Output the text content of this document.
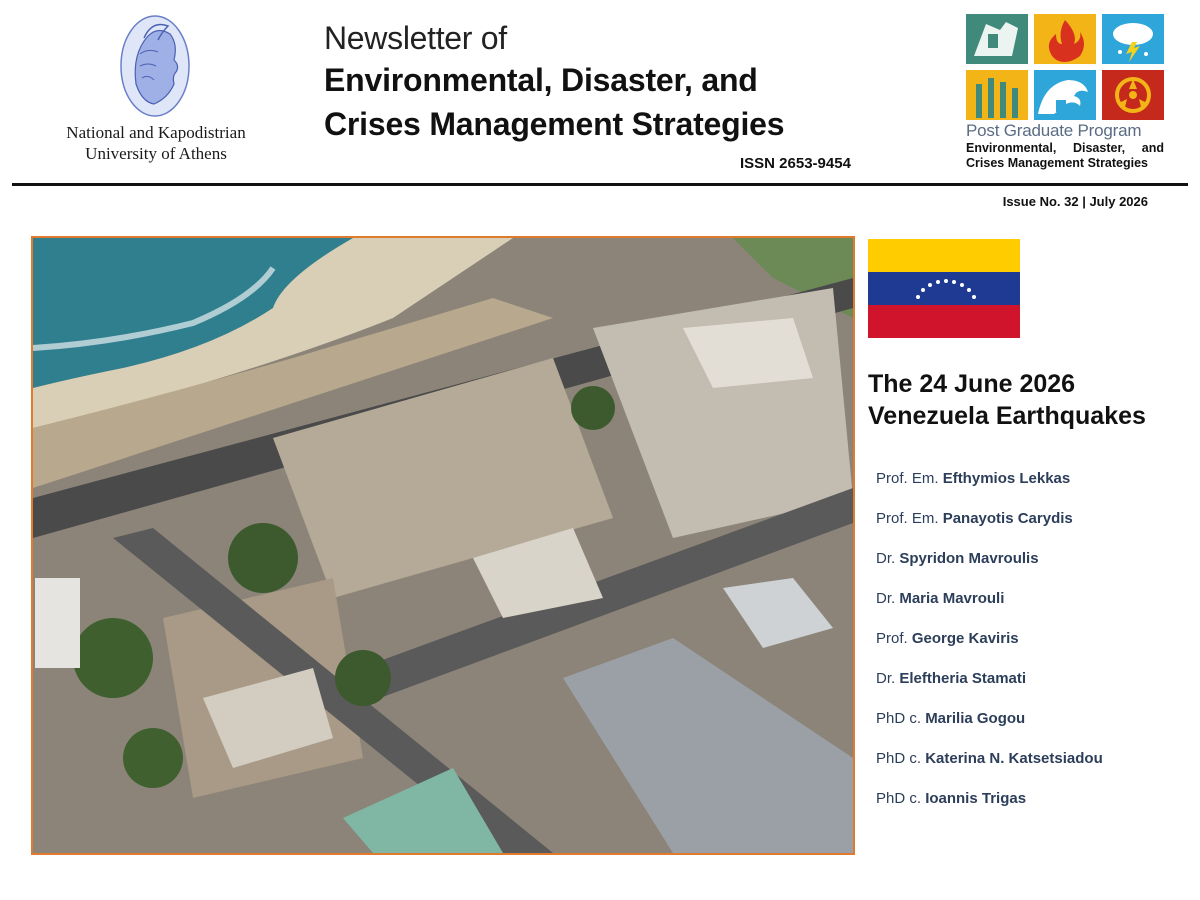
National and Kapodistrian
University of Athens
Newsletter of
Environmental, Disaster, and
Crises Management Strategies
ISSN 2653-9454
Post Graduate Program
Environmental, Disaster, and
Crises Management Strategies
Issue No. 32 | July 2026
The 24 June 2026
Venezuela Earthquakes
Prof. Em. Efthymios Lekkas
Prof. Em. Panayotis Carydis
Dr. Spyridon Mavroulis
Dr. Maria Mavrouli
Prof. George Kaviris
Dr. Eleftheria Stamati
PhD c. Marilia Gogou
PhD c. Katerina N. Katsetsiadou
PhD c. Ioannis Trigas
